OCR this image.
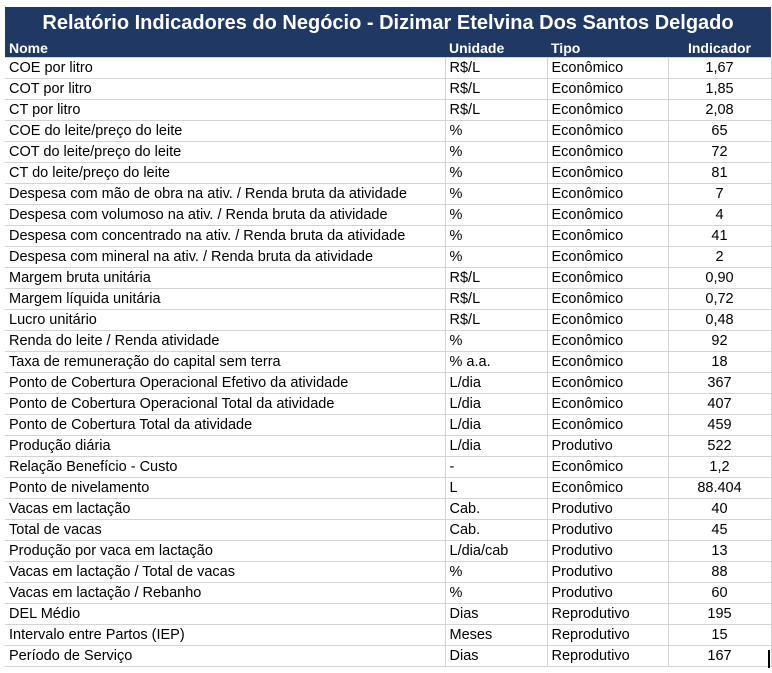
Relatório Indicadores do Negócio - Dizimar Etelvina Dos Santos Delgado
Nome	Unidade	Tipo	Indicador
COE por litro	R$/L	Econômico	1,67
COT por litro	R$/L	Econômico	1,85
CT por litro	R$/L	Econômico	2,08
COE do leite/preço do leite	%	Econômico	65
COT do leite/preço do leite	%	Econômico	72
CT do leite/preço do leite	%	Econômico	81
Despesa com mão de obra na ativ. / Renda bruta da atividade	%	Econômico	7
Despesa com volumoso na ativ. / Renda bruta da atividade	%	Econômico	4
Despesa com concentrado na ativ. / Renda bruta da atividade	%	Econômico	41
Despesa com mineral na ativ. / Renda bruta da atividade	%	Econômico	2
Margem bruta unitária	R$/L	Econômico	0,90
Margem líquida unitária	R$/L	Econômico	0,72
Lucro unitário	R$/L	Econômico	0,48
Renda do leite / Renda atividade	%	Econômico	92
Taxa de remuneração do capital sem terra	% a.a.	Econômico	18
Ponto de Cobertura Operacional Efetivo da atividade	L/dia	Econômico	367
Ponto de Cobertura Operacional Total da atividade	L/dia	Econômico	407
Ponto de Cobertura Total da atividade	L/dia	Econômico	459
Produção diária	L/dia	Produtivo	522
Relação Benefício - Custo	-	Econômico	1,2
Ponto de nivelamento	L	Econômico	88.404
Vacas em lactação	Cab.	Produtivo	40
Total de vacas	Cab.	Produtivo	45
Produção por vaca em lactação	L/dia/cab	Produtivo	13
Vacas em lactação / Total de vacas	%	Produtivo	88
Vacas em lactação / Rebanho	%	Produtivo	60
DEL Médio	Dias	Reprodutivo	195
Intervalo entre Partos (IEP)	Meses	Reprodutivo	15
Período de Serviço	Dias	Reprodutivo	167
